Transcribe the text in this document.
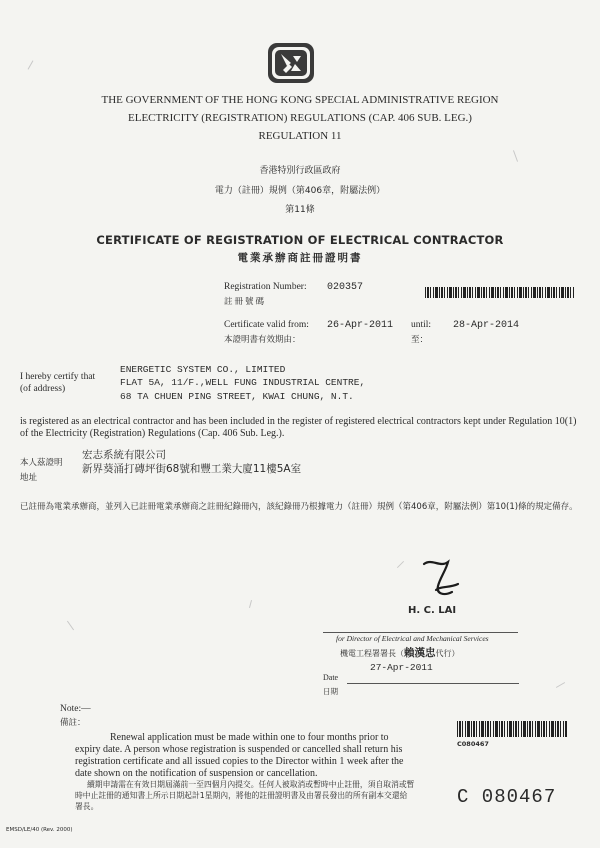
THE GOVERNMENT OF THE HONG KONG SPECIAL ADMINISTRATIVE REGION
ELECTRICITY (REGISTRATION) REGULATIONS (CAP. 406 SUB. LEG.)
REGULATION 11
香港特別行政區政府
電力（註冊）規例（第406章，附屬法例）
第11條
CERTIFICATE OF REGISTRATION OF ELECTRICAL CONTRACTOR
電業承辦商註冊證明書
Registration Number:
註冊號碼
020357
Certificate valid from:
本證明書有效期由：
26-Apr-2011 until:
至：
28-Apr-2014
ENERGETIC SYSTEM CO., LIMITED
I hereby certify that	FLAT 5A, 11/F.,WELL FUNG INDUSTRIAL CENTRE,
(of address)
68 TA CHUEN PING STREET, KWAI CHUNG, N.T.
is registered as an electrical contractor and has been included in the register of registered electrical contractors kept under Regulation 10(1) of the Electricity (Registration) Regulations (Cap. 406 Sub. Leg.).
本人茲證明
地址
宏志系統有限公司
新界葵涌打磚坪街68號和豐工業大廈11樓5A室
已註冊為電業承辦商，並列入已註冊電業承辦商之註冊紀錄冊內，該紀錄冊乃根據電力（註冊）規例（第406章，附屬法例）第10(1)條的規定備存。
H. C. LAI
for Director of Electrical and Mechanical Services
機電工程署署長（賴漢忠代行）
27-Apr-2011
Date
日期
Note:—
備註：
Renewal application must be made within one to four months prior to expiry date. A person whose registration is suspended or cancelled shall return his registration certificate and all issued copies to the Director within 1 week after the date shown on the notification of suspension or cancellation.
續期申請需在有效日期屆滿前一至四個月內提交。任何人被取消或暫時中止註冊，須自取消或暫時中止註冊的通知書上所示日期起計1星期內，將他的註冊證明書及由署長發出的所有副本交還給署長。
C080467
C 080467
EMSD/LE/40 (Rev. 2000)
